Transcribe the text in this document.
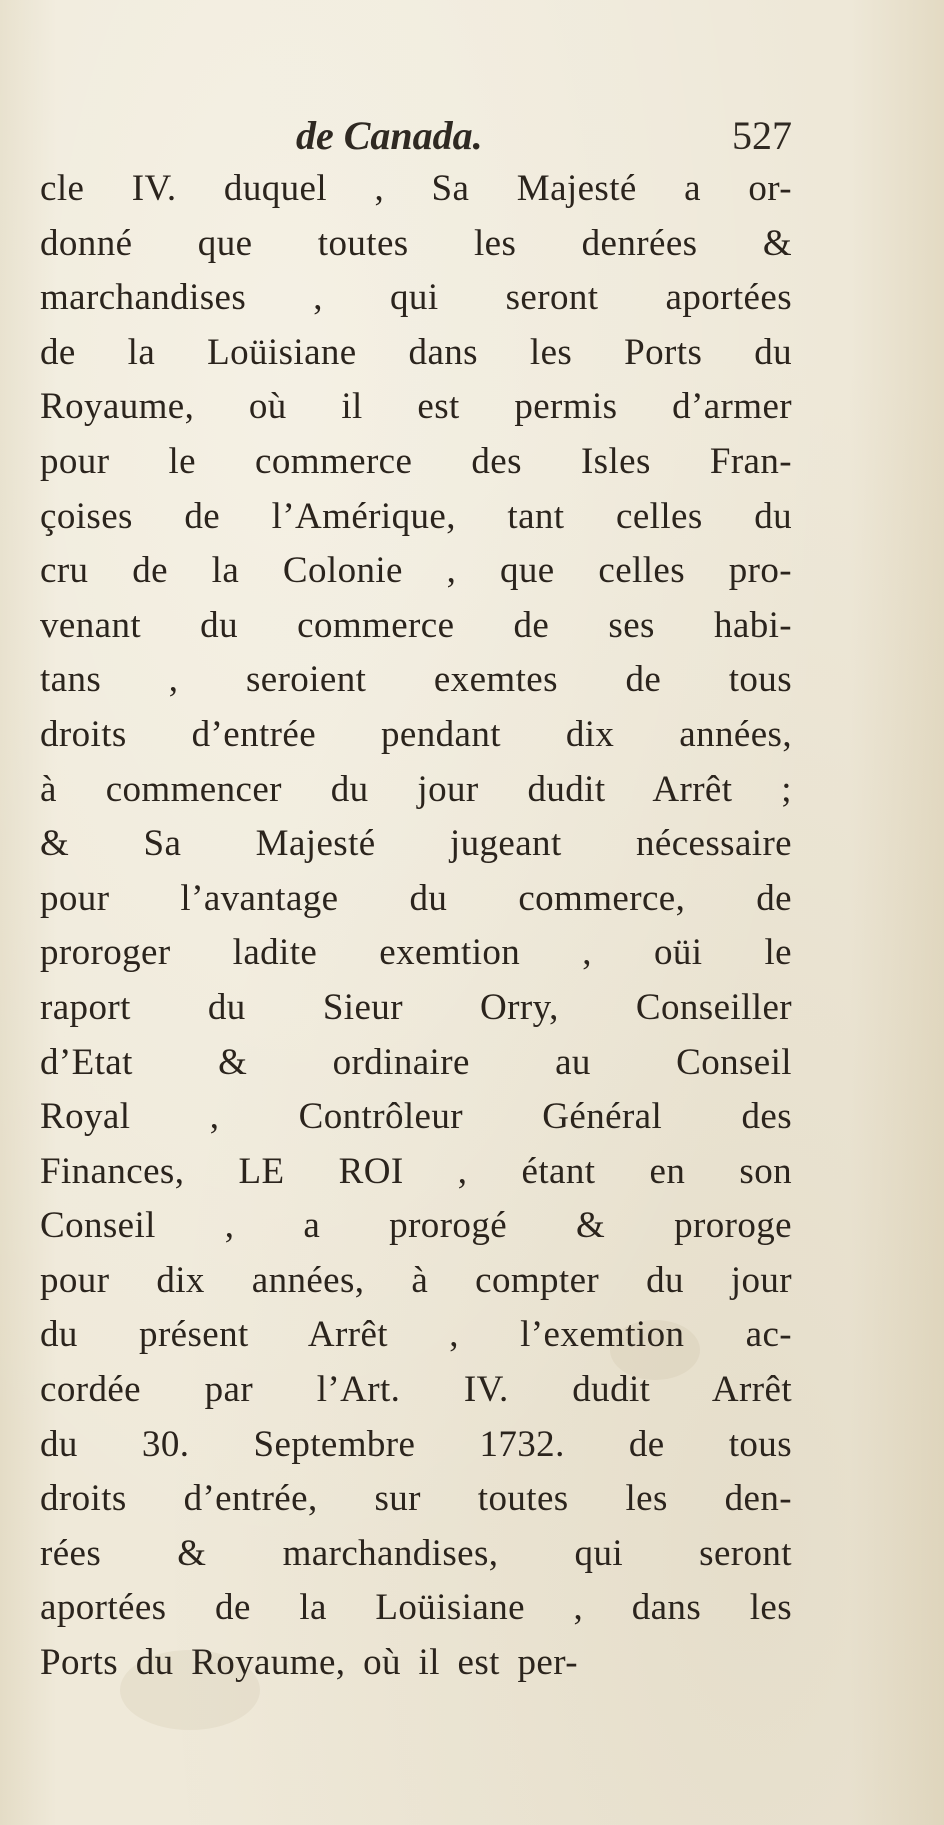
de Canada.	527
cle IV. duquel , Sa Majesté a or-
donné que toutes les denrées &
marchandises , qui seront aportées
de la Loüisiane dans les Ports du
Royaume, où il est permis d’armer
pour le commerce des Isles Fran-
çoises de l’Amérique, tant celles du
cru de la Colonie , que celles pro-
venant du commerce de ses habi-
tans , seroient exemtes de tous
droits d’entrée pendant dix années,
à commencer du jour dudit Arrêt ;
& Sa Majesté jugeant nécessaire
pour l’avantage du commerce, de
proroger ladite exemtion , oüi le
raport du Sieur Orry, Conseiller
d’Etat & ordinaire au Conseil
Royal , Contrôleur Général des
Finances, LE ROI , étant en son
Conseil , a prorogé & proroge
pour dix années, à compter du jour
du présent Arrêt , l’exemtion ac-
cordée par l’Art. IV. dudit Arrêt
du 30. Septembre 1732. de tous
droits d’entrée, sur toutes les den-
rées & marchandises, qui seront
aportées de la Loüisiane , dans les
Ports du Royaume, où il est per-
